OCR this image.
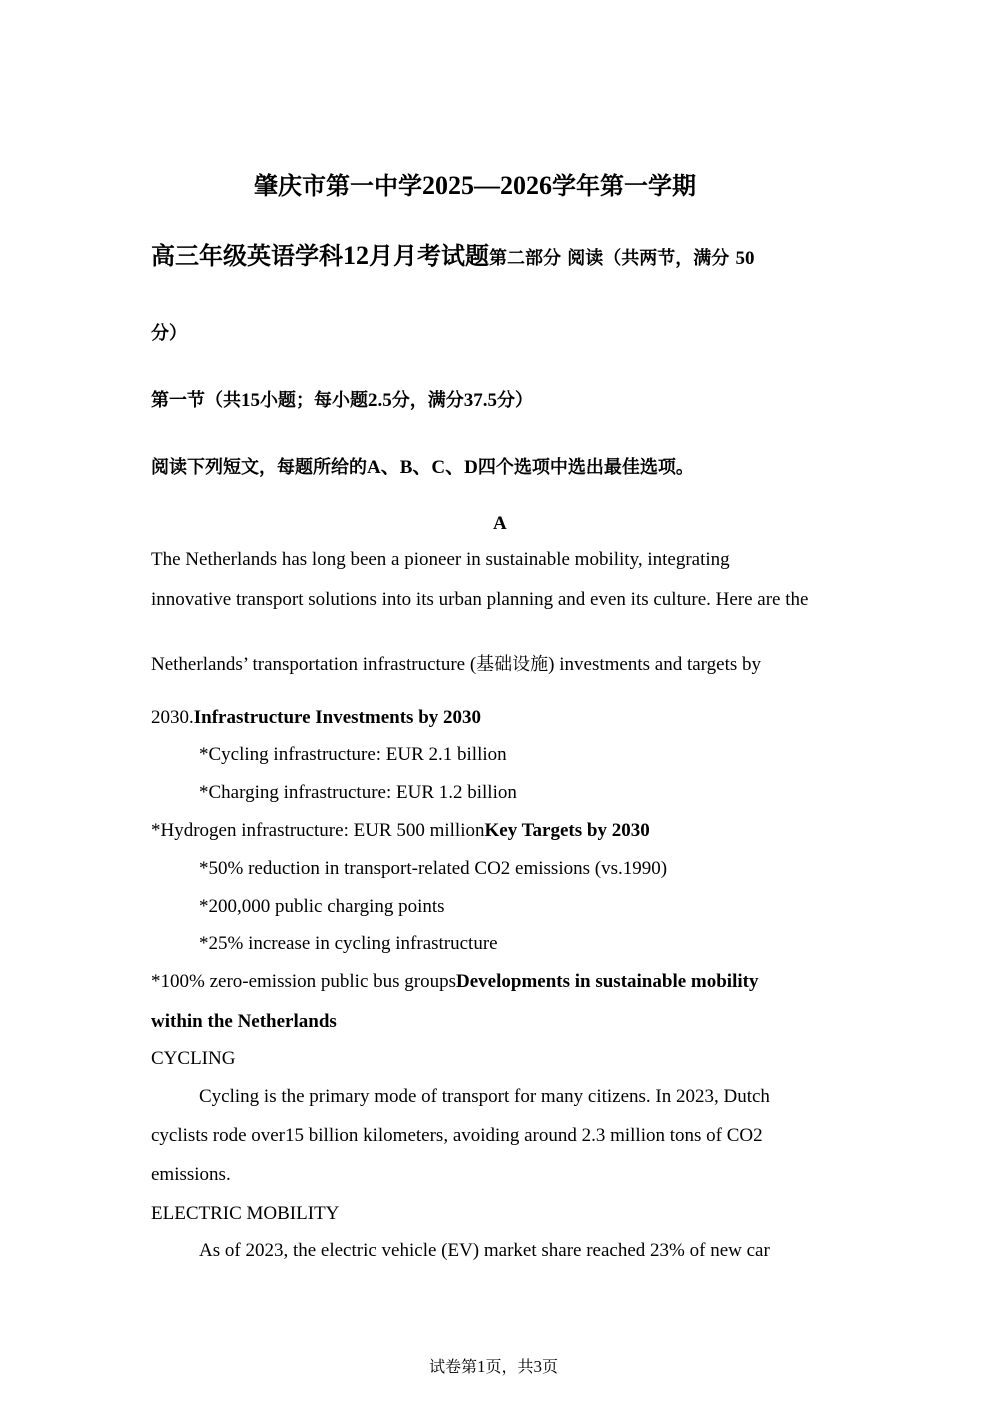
肇庆市第一中学2025—2026学年第一学期
高三年级英语学科12月月考试题第二部分 阅读（共两节，满分 50
分）
第一节（共15小题；每小题2.5分，满分37.5分）
阅读下列短文，每题所给的A、B、C、D四个选项中选出最佳选项。
A
The Netherlands has long been a pioneer in sustainable mobility, integrating
innovative transport solutions into its urban planning and even its culture. Here are the
Netherlands’ transportation infrastructure (基础设施) investments and targets by
2030.Infrastructure Investments by 2030
*Cycling infrastructure: EUR 2.1 billion
*Charging infrastructure: EUR 1.2 billion
*Hydrogen infrastructure: EUR 500 millionKey Targets by 2030
*50% reduction in transport-related CO2 emissions (vs.1990)
*200,000 public charging points
*25% increase in cycling infrastructure
*100% zero-emission public bus groupsDevelopments in sustainable mobility
within the Netherlands
CYCLING
Cycling is the primary mode of transport for many citizens. In 2023, Dutch
cyclists rode over15 billion kilometers, avoiding around 2.3 million tons of CO2
emissions.
ELECTRIC MOBILITY
As of 2023, the electric vehicle (EV) market share reached 23% of new car
试卷第1页，共3页
